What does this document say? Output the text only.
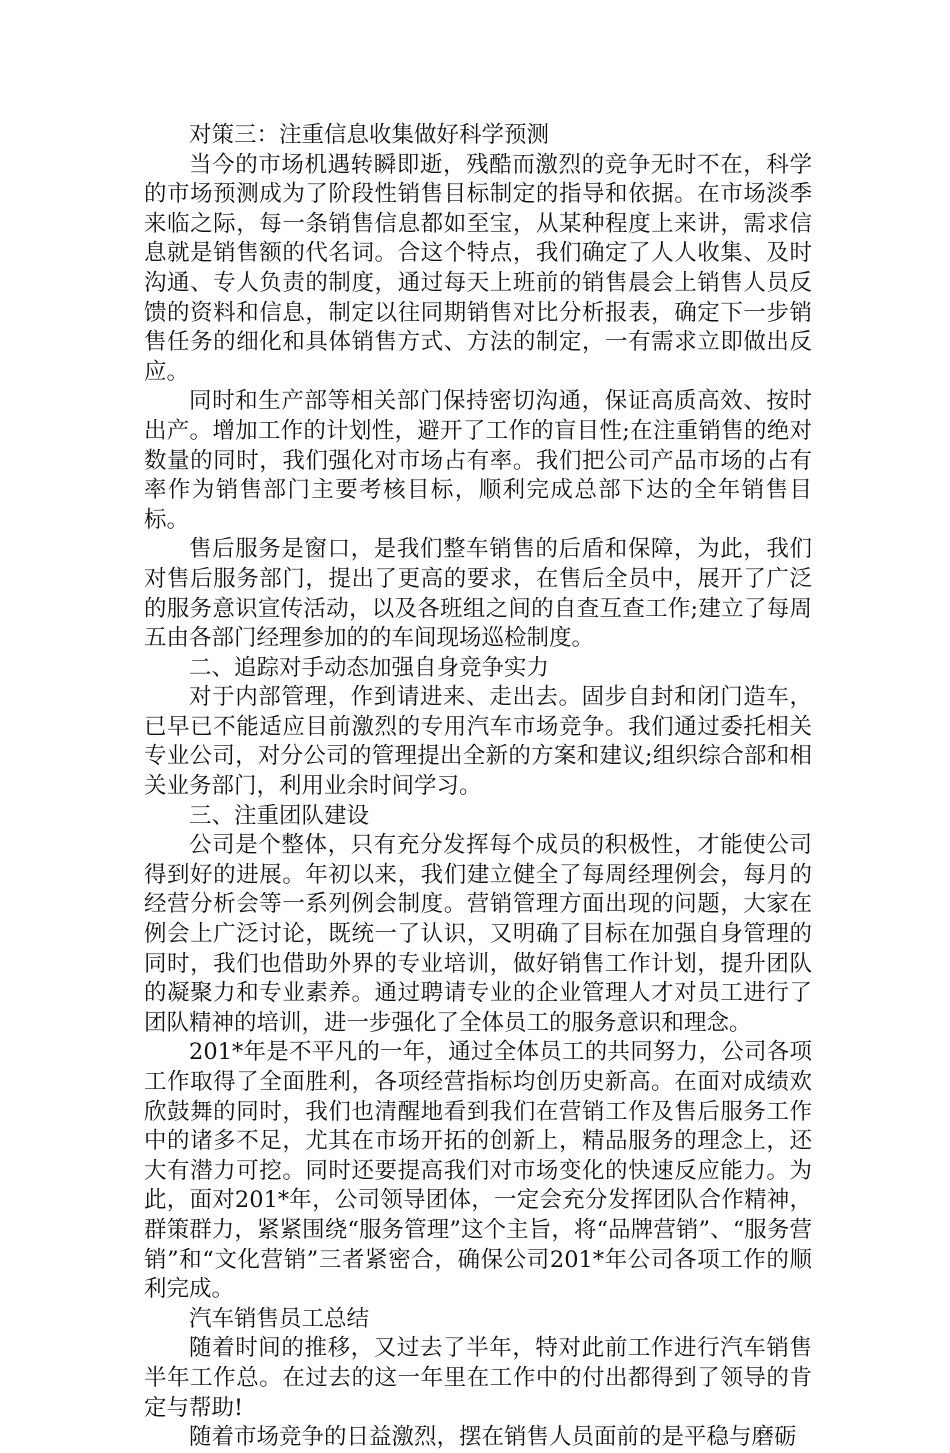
对策三：注重信息收集做好科学预测

当今的市场机遇转瞬即逝，残酷而激烈的竞争无时不在，科学的市场预测成为了阶段性销售目标制定的指导和依据。在市场淡季来临之际，每一条销售信息都如至宝，从某种程度上来讲，需求信息就是销售额的代名词。合这个特点，我们确定了人人收集、及时沟通、专人负责的制度，通过每天上班前的销售晨会上销售人员反馈的资料和信息，制定以往同期销售对比分析报表，确定下一步销售任务的细化和具体销售方式、方法的制定，一有需求立即做出反应。

同时和生产部等相关部门保持密切沟通，保证高质高效、按时出产。增加工作的计划性，避开了工作的盲目性;在注重销售的绝对数量的同时，我们强化对市场占有率。我们把公司产品市场的占有率作为销售部门主要考核目标，顺利完成总部下达的全年销售目标。

售后服务是窗口，是我们整车销售的后盾和保障，为此，我们对售后服务部门，提出了更高的要求，在售后全员中，展开了广泛的服务意识宣传活动，以及各班组之间的自查互查工作;建立了每周五由各部门经理参加的的车间现场巡检制度。

二、追踪对手动态加强自身竞争实力

对于内部管理，作到请进来、走出去。固步自封和闭门造车，已早已不能适应目前激烈的专用汽车市场竞争。我们通过委托相关专业公司，对分公司的管理提出全新的方案和建议;组织综合部和相关业务部门，利用业余时间学习。

三、注重团队建设

公司是个整体，只有充分发挥每个成员的积极性，才能使公司得到好的进展。年初以来，我们建立健全了每周经理例会，每月的经营分析会等一系列例会制度。营销管理方面出现的问题，大家在例会上广泛讨论，既统一了认识，又明确了目标在加强自身管理的同时，我们也借助外界的专业培训，做好销售工作计划，提升团队的凝聚力和专业素养。通过聘请专业的企业管理人才对员工进行了团队精神的培训，进一步强化了全体员工的服务意识和理念。

201*年是不平凡的一年，通过全体员工的共同努力，公司各项工作取得了全面胜利，各项经营指标均创历史新高。在面对成绩欢欣鼓舞的同时，我们也清醒地看到我们在营销工作及售后服务工作中的诸多不足，尤其在市场开拓的创新上，精品服务的理念上，还大有潜力可挖。同时还要提高我们对市场变化的快速反应能力。为此，面对201*年，公司领导团体，一定会充分发挥团队合作精神，群策群力，紧紧围绕“服务管理”这个主旨，将“品牌营销”、“服务营销”和“文化营销”三者紧密合，确保公司201*年公司各项工作的顺利完成。

汽车销售员工总结

随着时间的推移，又过去了半年，特对此前工作进行汽车销售半年工作总。在过去的这一年里在工作中的付出都得到了领导的肯定与帮助!

随着市场竞争的日益激烈，摆在销售人员面前的是平稳与磨砺
